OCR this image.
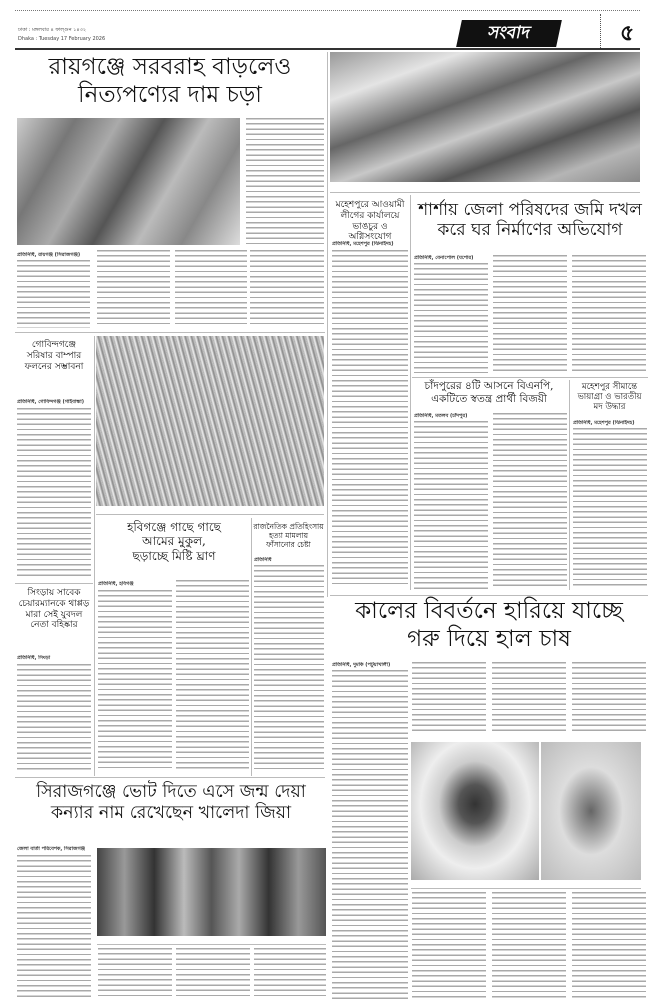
ঢাকা : মঙ্গলবার ৪ ফাল্গুন ১৪৩২
Dhaka : Tuesday 17 February 2026	সংবাদ	৫
রায়গঞ্জে সরবরাহ বাড়লেও
নিত্যপণ্যের দাম চড়া
প্রতিনিধি, রায়গঞ্জ (সিরাজগঞ্জ)
মহেশপুরে আওয়ামী
লীগের কার্যালয়ে
ভাঙচুর ও অগ্নিসংযোগ
প্রতিনিধি, মহেশপুর (ঝিনাইদহ)
শার্শায় জেলা পরিষদের জমি দখল
করে ঘর নির্মাণের অভিযোগ
প্রতিনিধি, বেনাপোল (যশোর)
চাঁদপুরের ৪টি আসনে বিএনপি,
একটিতে স্বতন্ত্র প্রার্থী বিজয়ী
প্রতিনিধি, মতলব (চাঁদপুর)
মহেশপুর সীমান্তে
ভায়াগ্রা ও ভারতীয়
মদ উদ্ধার
প্রতিনিধি, মহেশপুর (ঝিনাইদহ)
গোবিন্দগঞ্জে
সরিষার বাম্পার
ফলনের সম্ভাবনা
প্রতিনিধি, গোবিন্দগঞ্জ (গাইবান্ধা)
সিংড়ায় সাবেক
চেয়ারম্যানকে থাপ্পড়
মারা সেই যুবদল
নেতা বহিষ্কার
প্রতিনিধি, সিংড়া
হবিগঞ্জে গাছে গাছে
আমের মুকুল,
ছড়াচ্ছে মিষ্টি ঘ্রাণ
প্রতিনিধি, হবিগঞ্জ
রাজনৈতিক প্রতিহিংসায়
হত্যা মামলায়
ফাঁসানোর চেষ্টা
প্রতিনিধি
কালের বিবর্তনে হারিয়ে যাচ্ছে
গরু দিয়ে হাল চাষ
প্রতিনিধি, দুমকি (পটুয়াখালী)
সিরাজগঞ্জে ভোট দিতে এসে জন্ম দেয়া
কন্যার নাম রেখেছেন খালেদা জিয়া
জেলা বার্তা পরিবেশক, সিরাজগঞ্জ
